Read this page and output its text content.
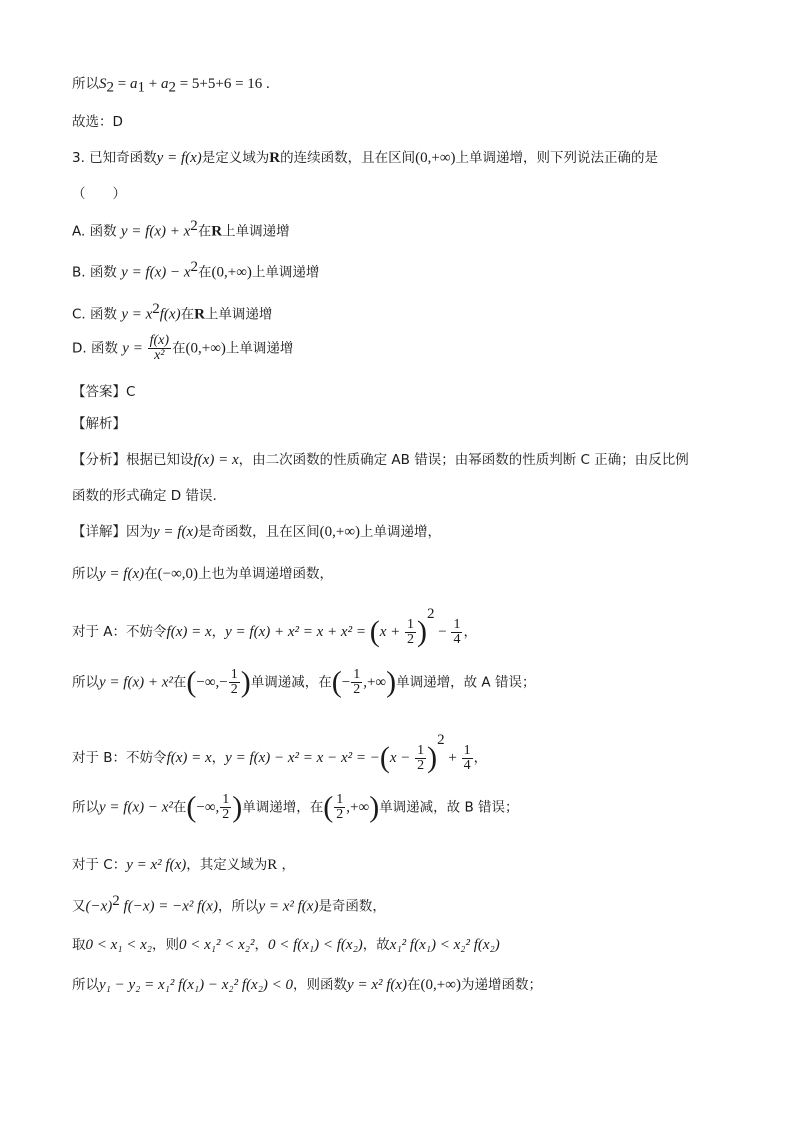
所以$S_2 = a_1 + a_2 = 5+5+6 = 16$ .
故选：D
3. 已知奇函数y = f(x)是定义域为R的连续函数，且在区间(0,+∞)上单调递增，则下列说法正确的是
（　　）
A. 函数 $y = f(x) + x^2$在R上单调递增
B. 函数 $y = f(x) - x^2$在(0,+∞)上单调递增
C. 函数 $y = x^2f(x)$在R上单调递增
D. 函数 $y = \frac{f(x)}{\text{x²}}$ 在(0,+∞)上单调递增
【答案】C
【解析】
【分析】根据已知设f(x) = x，由二次函数的性质确定 AB 错误；由幂函数的性质判断 C 正确；由反比例
函数的形式确定 D 错误.
【详解】因为y = f(x)是奇函数，且在区间(0,+∞)上单调递增，
所以y = f(x)在(−∞,0)上也为单调递增函数，
对于 A：不妨令f(x) = x，$y = f(x) + x^2 = x + x^2 = (x + \frac{1}{2} )^2 - \frac{1}{4}$ ，
所以y = f(x) + x²在(−∞,− $\frac{1}{2}$ )单调递减，在(− $\frac{1}{2}$ ,+∞)单调递增，故 A 错误；
对于 B：不妨令f(x) = x，$y = f(x) - x^2 = x - x^2 = -(x - \frac{1}{2} )^2 + \frac{1}{4}$ ，
所以y = f(x) − x²在(−∞, $\frac{1}{2}$ )单调递增，在( $\frac{1}{2}$ ,+∞)单调递减，故 B 错误；
对于 C：y = x² f(x)，其定义域为R ，
又$(-x)^2$ f(−x) = −x² f(x)，所以y = x² f(x)是奇函数，
取0 < x₁ < x₂，则0 < x₁² < x₂²，0 < f(x₁) < f(x₂)，故x₁² f(x₁) < x₂² f(x₂)
所以y₁ − y₂ = x₁² f(x₁) − x₂² f(x₂) < 0，则函数y = x² f(x)在(0,+∞)为递增函数；
